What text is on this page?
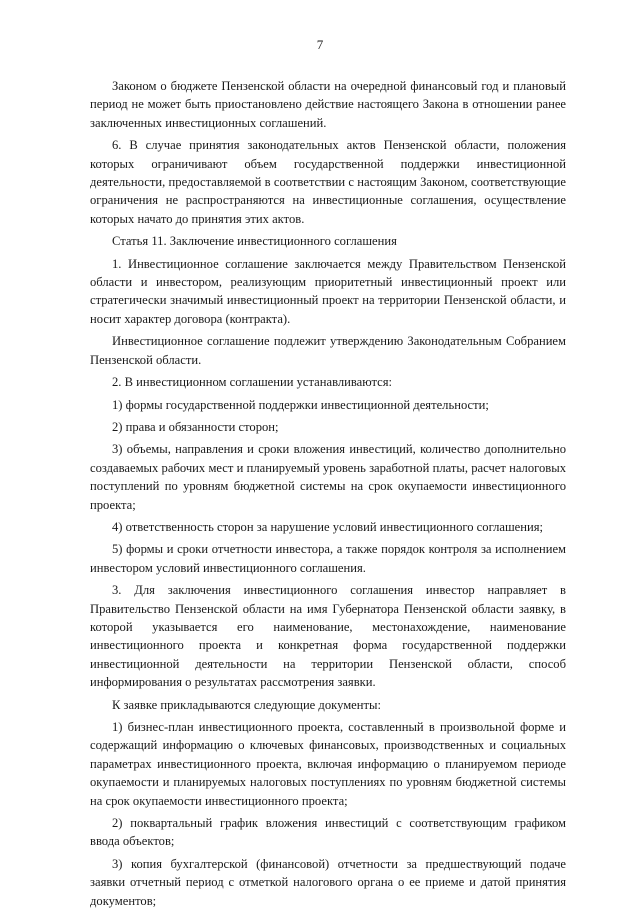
7

Законом о бюджете Пензенской области на очередной финансовый год и плановый период не может быть приостановлено действие настоящего Закона в отношении ранее заключенных инвестиционных соглашений.

6. В случае принятия законодательных актов Пензенской области, положения которых ограничивают объем государственной поддержки инвестиционной деятельности, предоставляемой в соответствии с настоящим Законом, соответствующие ограничения не распространяются на инвестиционные соглашения, осуществление которых начато до принятия этих актов.

Статья 11. Заключение инвестиционного соглашения

1. Инвестиционное соглашение заключается между Правительством Пензенской области и инвестором, реализующим приоритетный инвестиционный проект или стратегически значимый инвестиционный проект на территории Пензенской области, и носит характер договора (контракта).

Инвестиционное соглашение подлежит утверждению Законодательным Собранием Пензенской области.

2. В инвестиционном соглашении устанавливаются:

1) формы государственной поддержки инвестиционной деятельности;

2) права и обязанности сторон;

3) объемы, направления и сроки вложения инвестиций, количество дополнительно создаваемых рабочих мест и планируемый уровень заработной платы, расчет налоговых поступлений по уровням бюджетной системы на срок окупаемости инвестиционного проекта;

4) ответственность сторон за нарушение условий инвестиционного соглашения;

5) формы и сроки отчетности инвестора, а также порядок контроля за исполнением инвестором условий инвестиционного соглашения.

3. Для заключения инвестиционного соглашения инвестор направляет в Правительство Пензенской области на имя Губернатора Пензенской области заявку, в которой указывается его наименование, местонахождение, наименование инвестиционного проекта и конкретная форма государственной поддержки инвестиционной деятельности на территории Пензенской области, способ информирования о результатах рассмотрения заявки.

К заявке прикладываются следующие документы:

1) бизнес-план инвестиционного проекта, составленный в произвольной форме и содержащий информацию о ключевых финансовых, производственных и социальных параметрах инвестиционного проекта, включая информацию о планируемом периоде окупаемости и планируемых налоговых поступлениях по уровням бюджетной системы на срок окупаемости инвестиционного проекта;

2) поквартальный график вложения инвестиций с соответствующим графиком ввода объектов;

3) копия бухгалтерской (финансовой) отчетности за предшествующий подаче заявки отчетный период с отметкой налогового органа о ее приеме и датой принятия документов;
